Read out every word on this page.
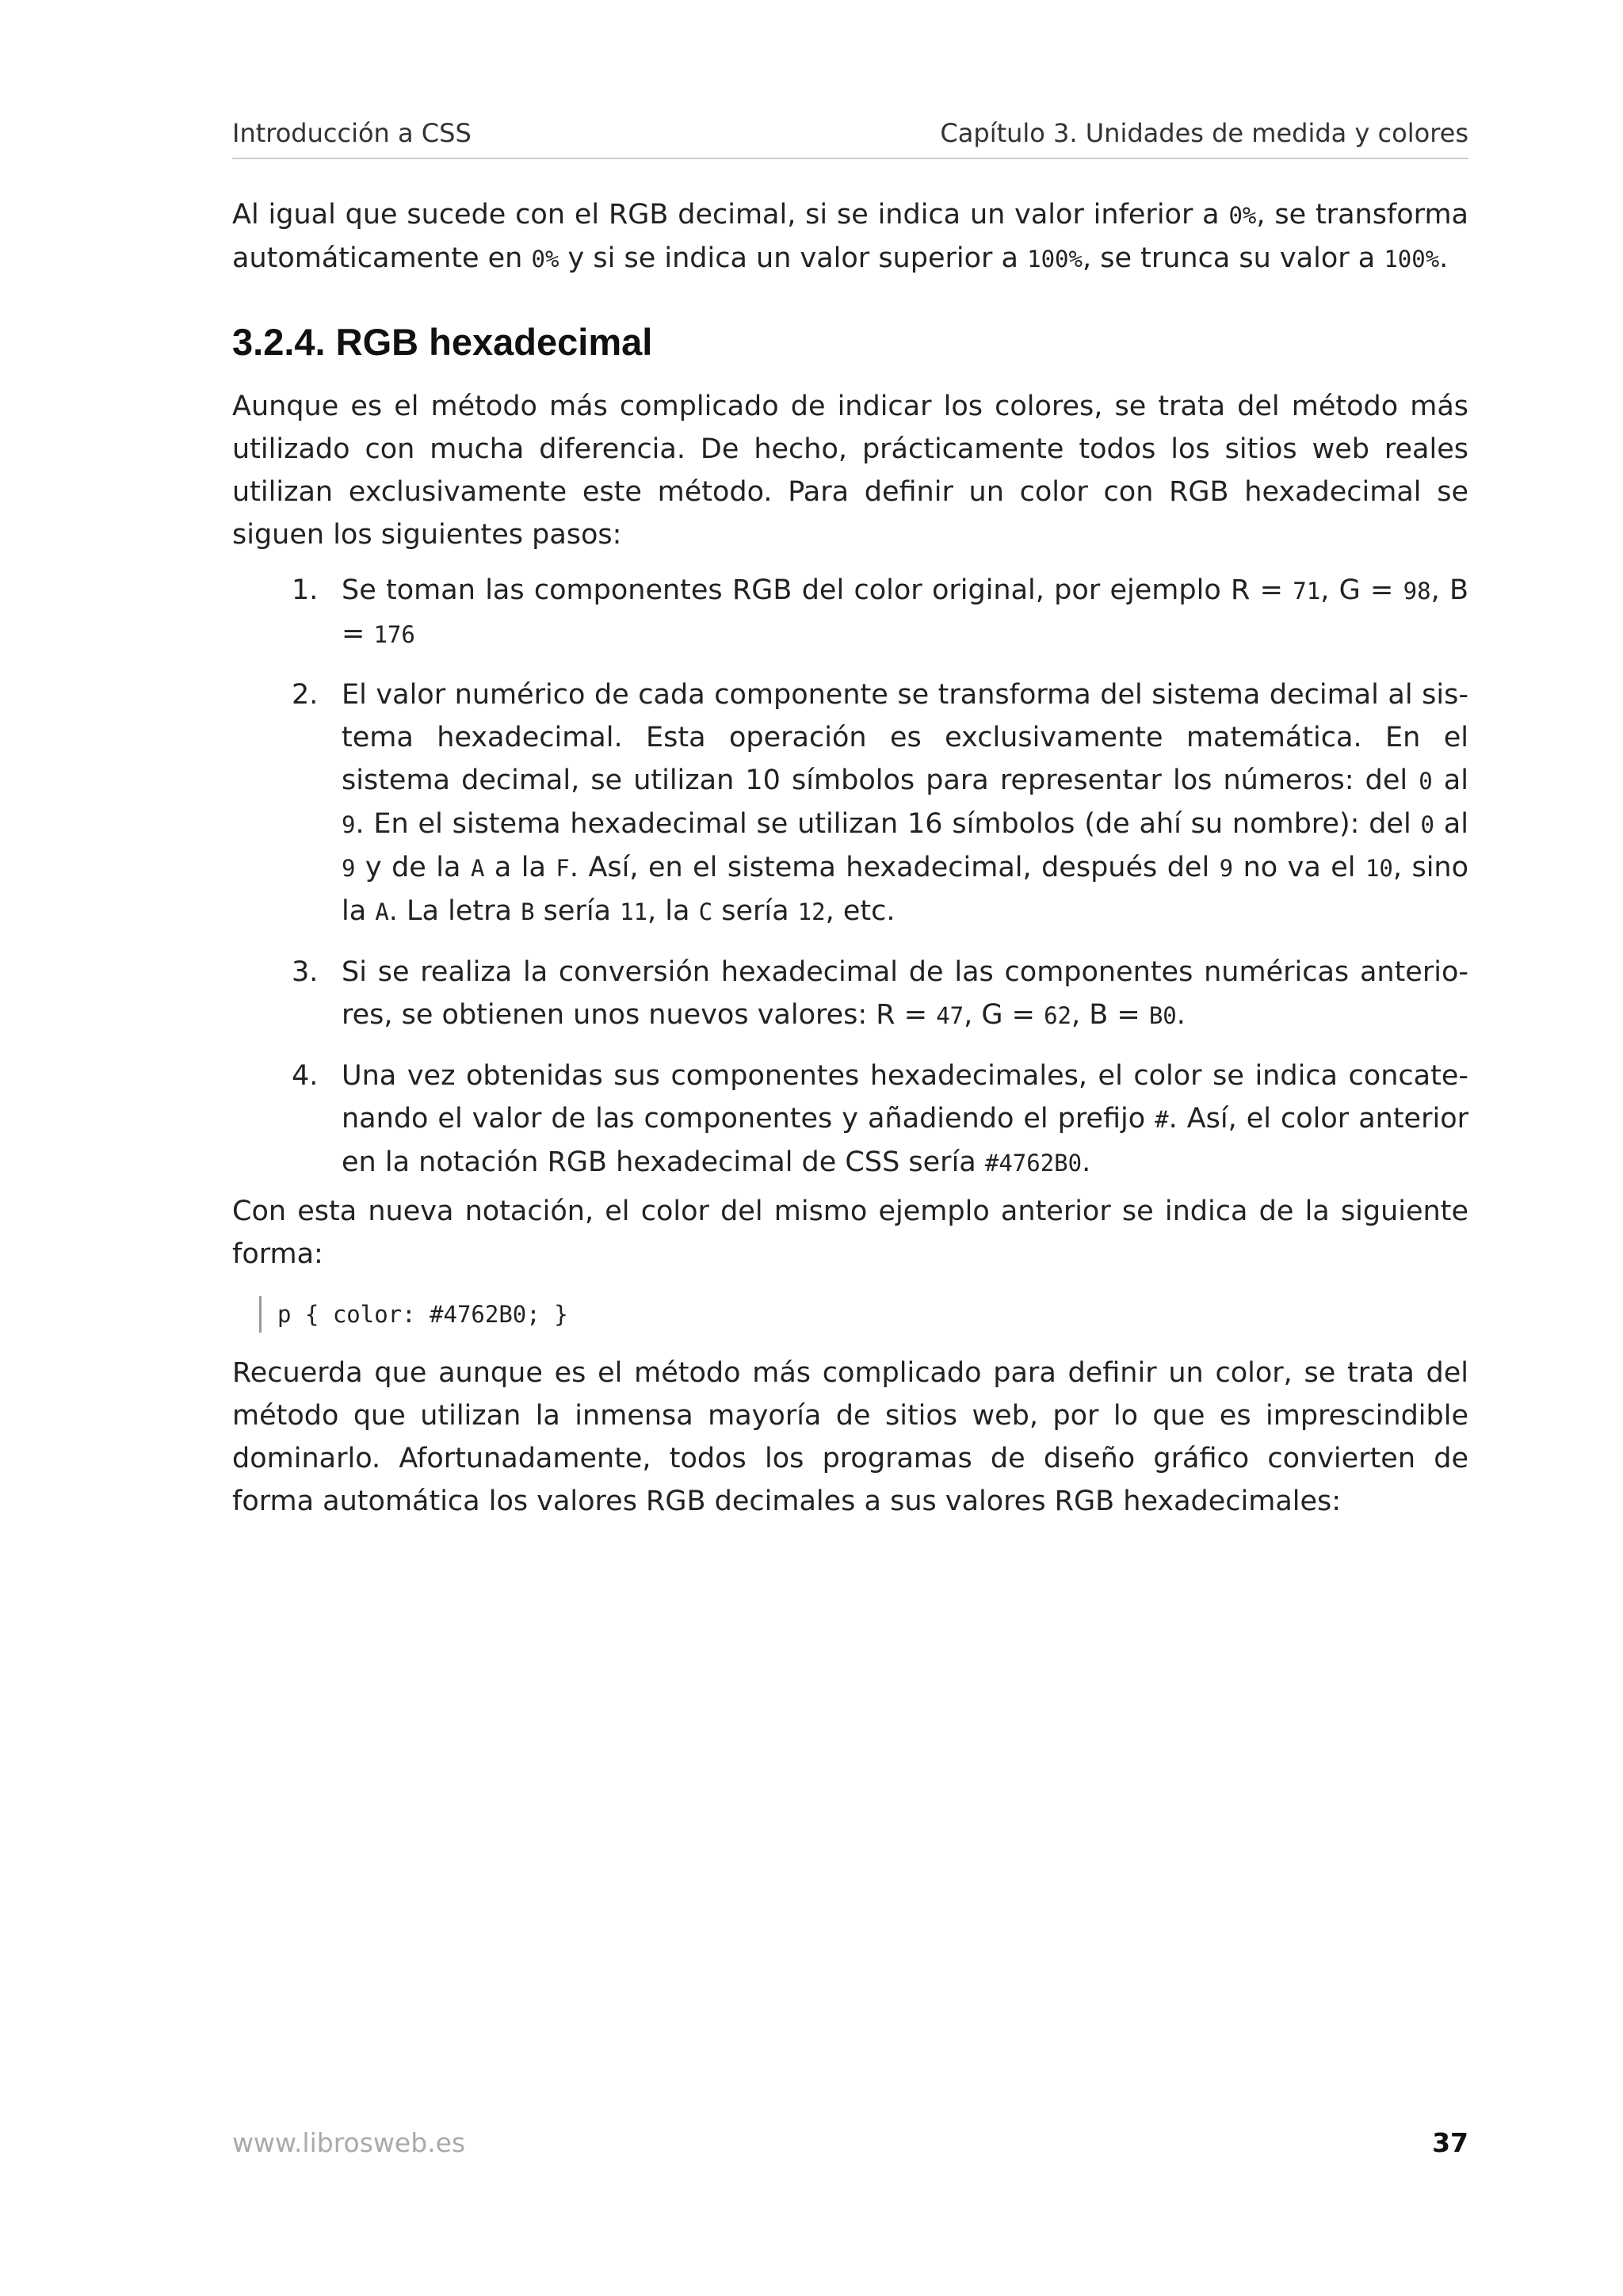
Introducción a CSS	Capítulo 3. Unidades de medida y colores

Al igual que sucede con el RGB decimal, si se indica un valor inferior a 0%, se transforma automáticamente en 0% y si se indica un valor superior a 100%, se trunca su valor a 100%.

3.2.4. RGB hexadecimal

Aunque es el método más complicado de indicar los colores, se trata del método más utilizado con mucha diferencia. De hecho, prácticamente todos los sitios web reales utilizan exclusivamente este método. Para definir un color con RGB hexadecimal se siguen los siguientes pasos:

1. Se toman las componentes RGB del color original, por ejemplo R = 71, G = 98, B = 176
2. El valor numérico de cada componente se transforma del sistema decimal al sistema hexadecimal. Esta operación es exclusivamente matemática. En el sistema decimal, se utilizan 10 símbolos para representar los números: del 0 al 9. En el sistema hexadecimal se utilizan 16 símbolos (de ahí su nombre): del 0 al 9 y de la A a la F. Así, en el sistema hexadecimal, después del 9 no va el 10, sino la A. La letra B sería 11, la C sería 12, etc.
3. Si se realiza la conversión hexadecimal de las componentes numéricas anteriores, se obtienen unos nuevos valores: R = 47, G = 62, B = B0.
4. Una vez obtenidas sus componentes hexadecimales, el color se indica concatenando el valor de las componentes y añadiendo el prefijo #. Así, el color anterior en la notación RGB hexadecimal de CSS sería #4762B0.

Con esta nueva notación, el color del mismo ejemplo anterior se indica de la siguiente forma:

p { color: #4762B0; }

Recuerda que aunque es el método más complicado para definir un color, se trata del método que utilizan la inmensa mayoría de sitios web, por lo que es imprescindible dominarlo. Afortunadamente, todos los programas de diseño gráfico convierten de forma automática los valores RGB decimales a sus valores RGB hexadecimales:

www.librosweb.es	37
